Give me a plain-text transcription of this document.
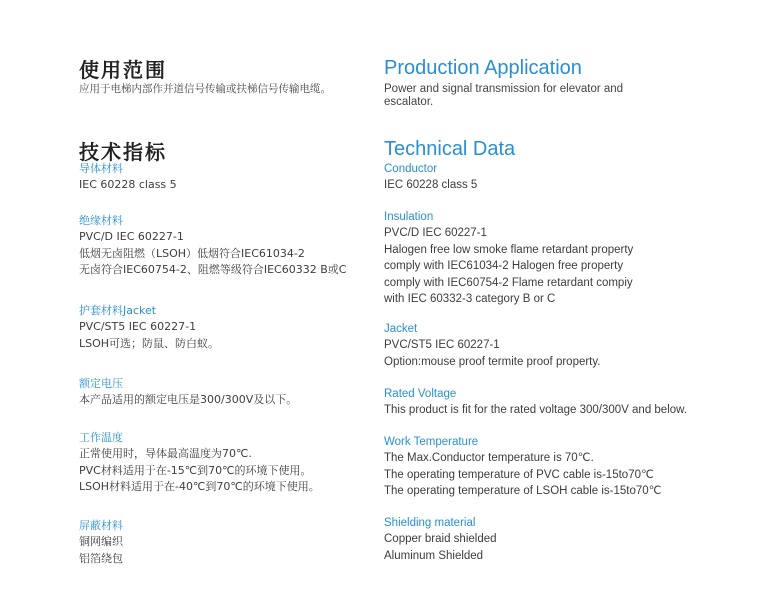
使用范围
应用于电梯内部作并道信号传输或扶梯信号传输电缆。
技术指标
导体材料
IEC 60228 class 5
绝缘材料
PVC/D IEC 60227-1
低烟无卤阻燃（LSOH）低烟符合IEC61034-2
无卤符合IEC60754-2、阻燃等级符合IEC60332 B或C
护套材料Jacket
PVC/ST5 IEC 60227-1
LSOH可选；防鼠、防白蚁。
额定电压
本产品适用的额定电压是300/300V及以下。
工作温度
正常使用时，导体最高温度为70℃.
PVC材料适用于在-15℃到70℃的环境下使用。
LSOH材料适用于在-40℃到70℃的环境下使用。
屏蔽材料
铜网编织
铝箔绕包
Production Application
Power and signal transmission for elevator and escalator.
Technical Data
Conductor
IEC 60228 class 5
Insulation
PVC/D IEC 60227-1
Halogen free low smoke flame retardant property
comply with IEC61034-2 Halogen free property
comply with IEC60754-2 Flame retardant compiy
with IEC 60332-3 category B or C
Jacket
PVC/ST5 IEC 60227-1
Option:mouse proof termite proof property.
Rated Voltage
This product is fit for the rated voltage 300/300V and below.
Work Temperature
The Max.Conductor temperature is 70℃.
The operating temperature of PVC cable is-15to70℃
The operating temperature of LSOH cable is-15to70℃
Shielding material
Copper braid shielded
Aluminum Shielded
